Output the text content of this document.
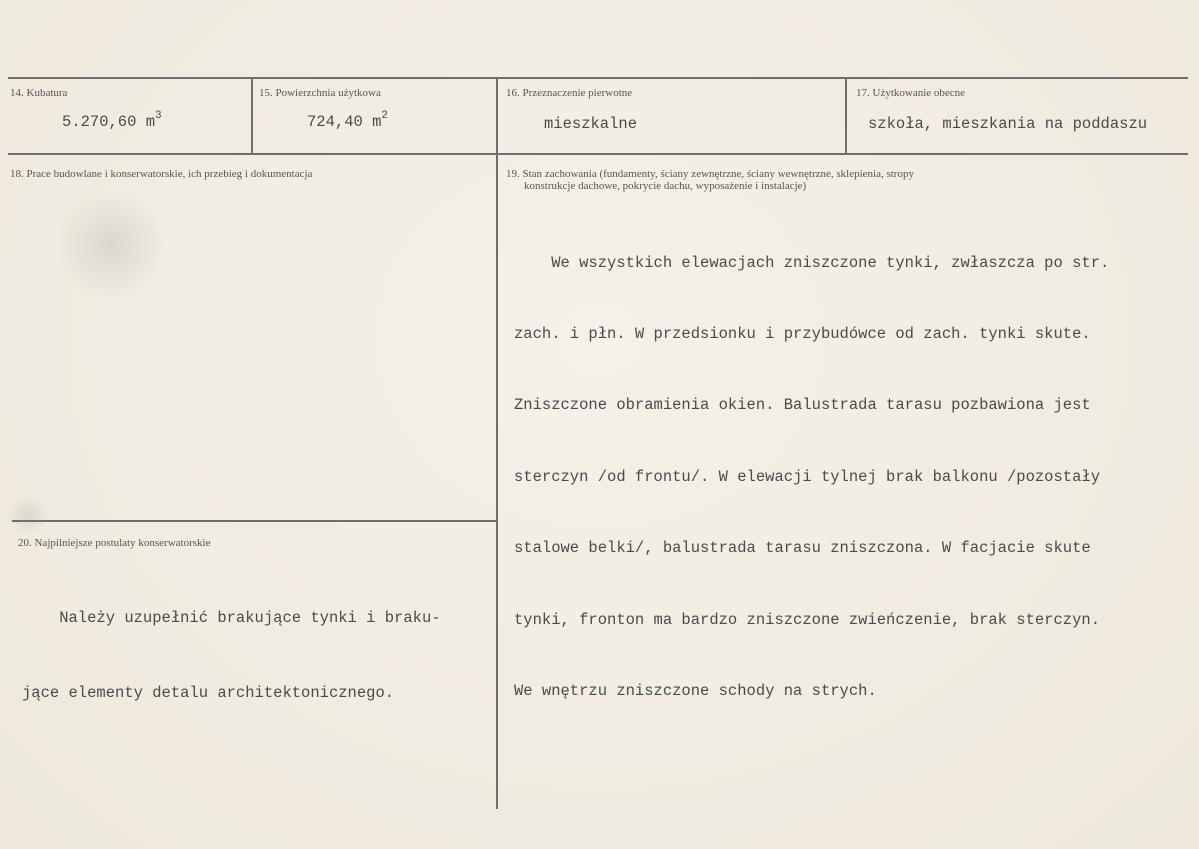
14. Kubatura
5.270,60 $m^3$
15. Powierzchnia użytkowa
724,40 $m^2$
16. Przeznaczenie pierwotne
mieszkalne
17. Użytkowanie obecne
szkoła, mieszkania na poddaszu
18. Prace budowlane i konserwatorskie, ich przebieg i dokumentacja	19. Stan zachowania (fundamenty, ściany zewnętrzne, ściany wewnętrzne, sklepienia, stropy
konstrukcje dachowe, pokrycie dachu, wyposażenie i instalacje)

We wszystkich elewacjach zniszczone tynki, zwłaszcza po str.

zach. i płn. W przedsionku i przybudówce od zach. tynki skute.

Zniszczone obramienia okien. Balustrada tarasu pozbawiona jest

sterczyn /od frontu/. W elewacji tylnej brak balkonu /pozostały

stalowe belki/, balustrada tarasu zniszczona. W facjacie skute

tynki, fronton ma bardzo zniszczone zwieńczenie, brak sterczyn.

We wnętrzu zniszczone schody na strych.

20. Najpilniejsze postulaty konserwatorskie

Należy uzupełnić brakujące tynki i braku-

jące elementy detalu architektonicznego.
